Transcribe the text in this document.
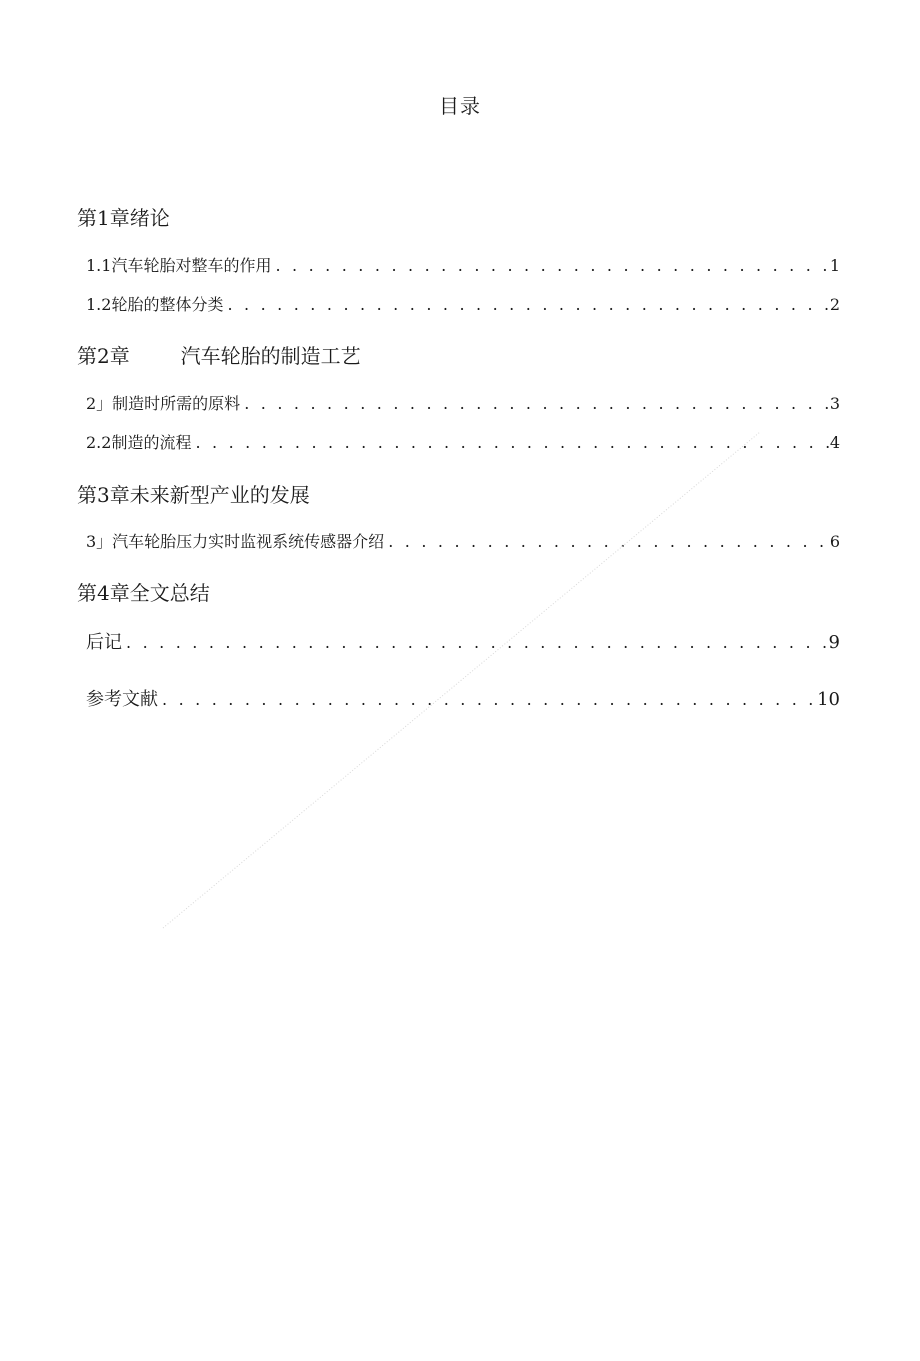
目录
第1章绪论
1.1汽车轮胎对整车的作用 . . .	1
1.2轮胎的整体分类 . . .	2
第2章        汽车轮胎的制造工艺
2」制造时所需的原料 . . .	3
2.2制造的流程 . . .	4
第3章未来新型产业的发展
3」汽车轮胎压力实时监视系统传感器介绍 . . .	6
第4章全文总结
后记 . . .	9
参考文献 . . .	10
